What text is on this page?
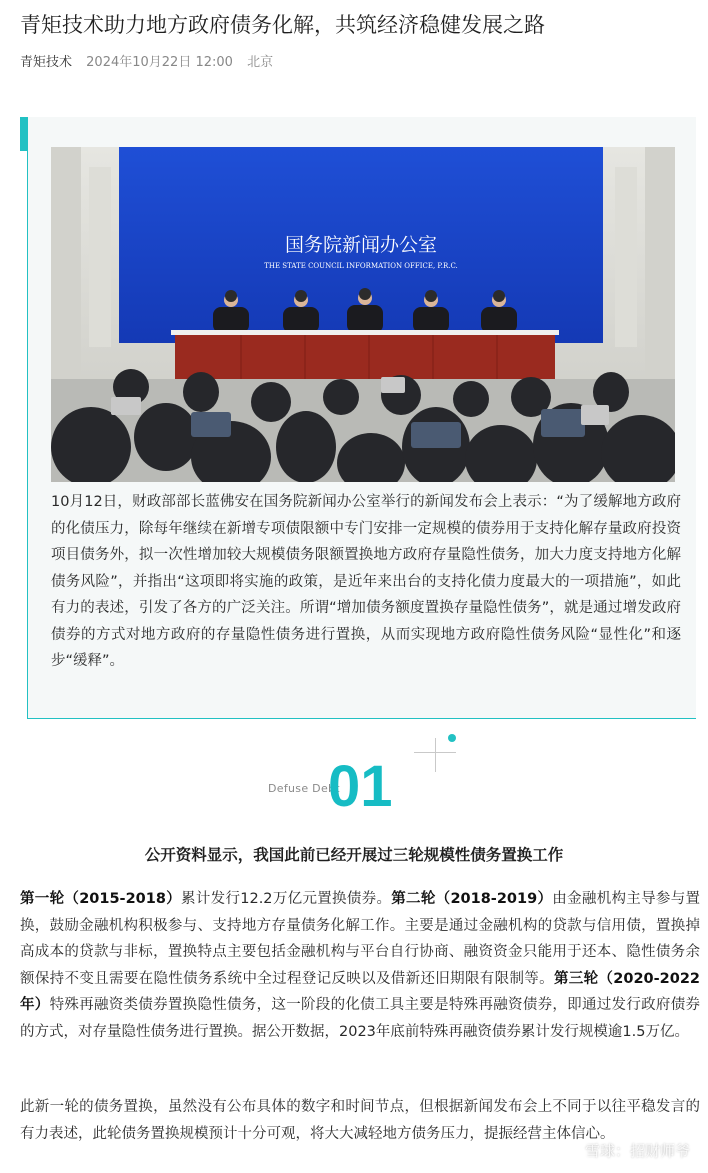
青矩技术助力地方政府债务化解，共筑经济稳健发展之路
青矩技术 2024年10月22日 12:00 北京
国务院新闻办公室
THE STATE COUNCIL INFORMATION OFFICE, P.R.C.

10月12日，财政部部长蓝佛安在国务院新闻办公室举行的新闻发布会上表示：“为了缓解地方政府的化债压力，除每年继续在新增专项债限额中专门安排一定规模的债券用于支持化解存量政府投资项目债务外，拟一次性增加较大规模债务限额置换地方政府存量隐性债务，加大力度支持地方化解债务风险”，并指出“这项即将实施的政策，是近年来出台的支持化债力度最大的一项措施”，如此有力的表述，引发了各方的广泛关注。所谓“增加债务额度置换存量隐性债务”，就是通过增发政府债券的方式对地方政府的存量隐性债务进行置换，从而实现地方政府隐性债务风险“显性化”和逐步“缓释”。

Defuse Debt
01
公开资料显示，我国此前已经开展过三轮规模性债务置换工作

第一轮（2015-2018）累计发行12.2万亿元置换债券。第二轮（2018-2019）由金融机构主导参与置换，鼓励金融机构积极参与、支持地方存量债务化解工作。主要是通过金融机构的贷款与信用债，置换掉高成本的贷款与非标，置换特点主要包括金融机构与平台自行协商、融资资金只能用于还本、隐性债务余额保持不变且需要在隐性债务系统中全过程登记反映以及借新还旧期限有限制等。第三轮（2020-2022年）特殊再融资类债券置换隐性债务，这一阶段的化债工具主要是特殊再融资债券，即通过发行政府债券的方式，对存量隐性债务进行置换。据公开数据，2023年底前特殊再融资债券累计发行规模逾1.5万亿。

此新一轮的债务置换，虽然没有公布具体的数字和时间节点，但根据新闻发布会上不同于以往平稳发言的有力表述，此轮债务置换规模预计十分可观，将大大减轻地方债务压力，提振经营主体信心。

雪球：招财师爷
